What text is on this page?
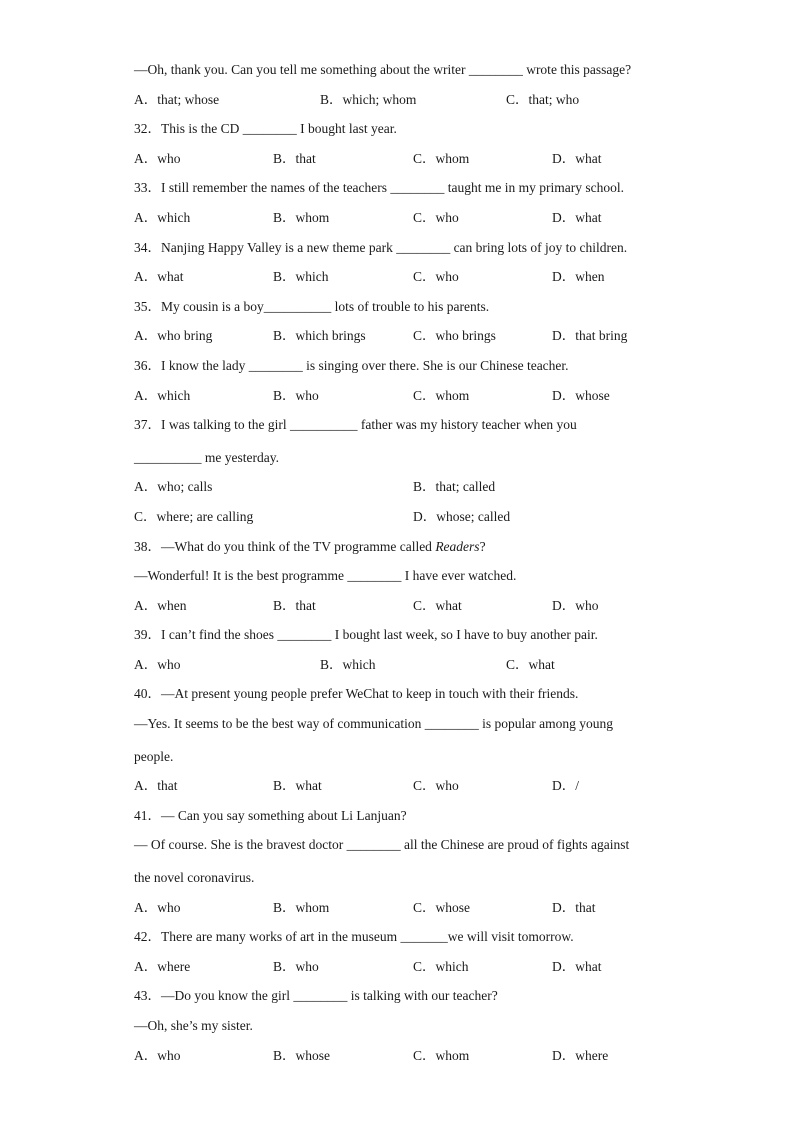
—Oh, thank you. Can you tell me something about the writer ________ wrote this passage?
A．that; whose	B．which; whom	C．that; who
32．This is the CD ________ I bought last year.
A．who	B．that	C．whom	D．what
33．I still remember the names of the teachers ________ taught me in my primary school.
A．which	B．whom	C．who	D．what
34．Nanjing Happy Valley is a new theme park ________ can bring lots of joy to children.
A．what	B．which	C．who	D．when
35．My cousin is a boy__________ lots of trouble to his parents.
A．who bring	B．which brings	C．who brings	D．that bring
36．I know the lady ________ is singing over there. She is our Chinese teacher.
A．which	B．who	C．whom	D．whose
37．I was talking to the girl __________ father was my history teacher when you
__________ me yesterday.
A．who; calls	B．that; called
C．where; are calling	D．whose; called
38．—What do you think of the TV programme called Readers?
—Wonderful! It is the best programme ________ I have ever watched.
A．when	B．that	C．what	D．who
39．I can’t find the shoes ________ I bought last week, so I have to buy another pair.
A．who	B．which	C．what
40．—At present young people prefer WeChat to keep in touch with their friends.
—Yes. It seems to be the best way of communication ________ is popular among young
people.
A．that	B．what	C．who	D．/
41．— Can you say something about Li Lanjuan?
— Of course. She is the bravest doctor ________ all the Chinese are proud of fights against
the novel coronavirus.
A．who	B．whom	C．whose	D．that
42．There are many works of art in the museum _______we will visit tomorrow.
A．where	B．who	C．which	D．what
43．—Do you know the girl ________ is talking with our teacher?
—Oh, she’s my sister.
A．who	B．whose	C．whom	D．where
